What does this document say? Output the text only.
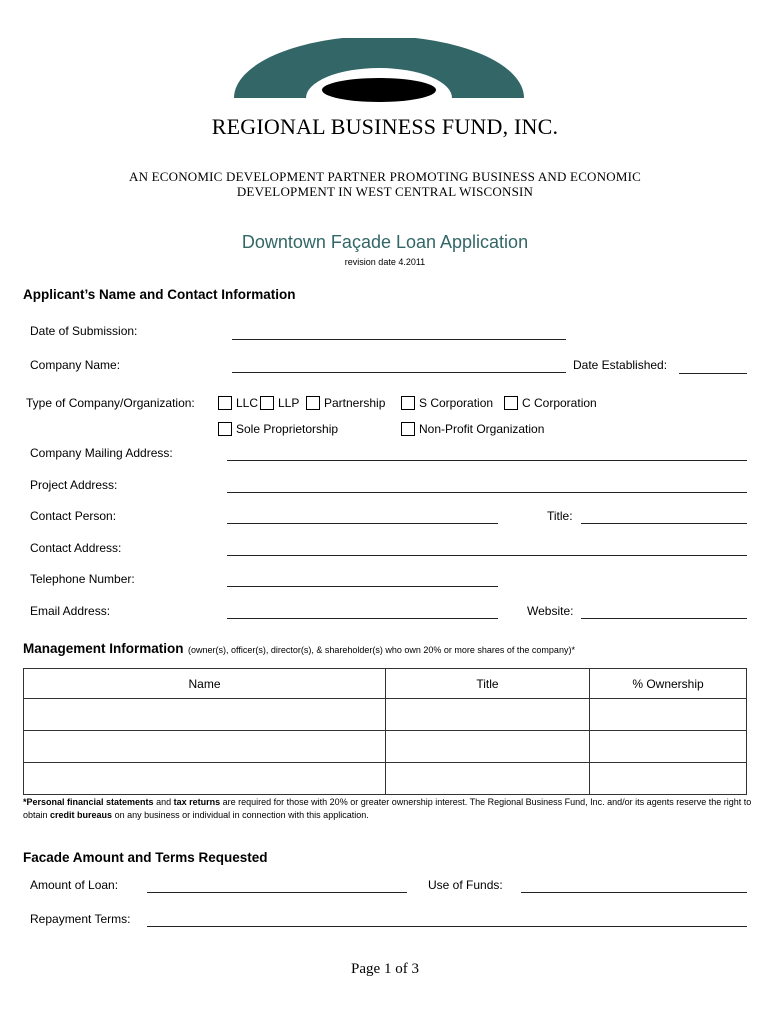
REGIONAL BUSINESS FUND, INC.
AN ECONOMIC DEVELOPMENT PARTNER PROMOTING BUSINESS AND ECONOMIC
DEVELOPMENT IN WEST CENTRAL WISCONSIN
Downtown Façade Loan Application
revision date 4.2011
Applicant’s Name and Contact Information
Date of Submission:
Company Name:	Date Established:
Type of Company/Organization:	LLC LLP Partnership	S Corporation C Corporation
Sole Proprietorship	Non-Profit Organization
Company Mailing Address:
Project Address:
Contact Person:	Title:
Contact Address:
Telephone Number:
Email Address:	Website:
Management Information (owner(s), officer(s), director(s), & shareholder(s) who own 20% or more shares of the company)*
Name	Title	% Ownership

*Personal financial statements and tax returns are required for those with 20% or greater ownership interest. The Regional Business Fund, Inc. and/or its agents reserve the right to obtain credit bureaus on any business or individual in connection with this application.
Facade Amount and Terms Requested
Amount of Loan:	Use of Funds:
Repayment Terms:
Page 1 of 3
